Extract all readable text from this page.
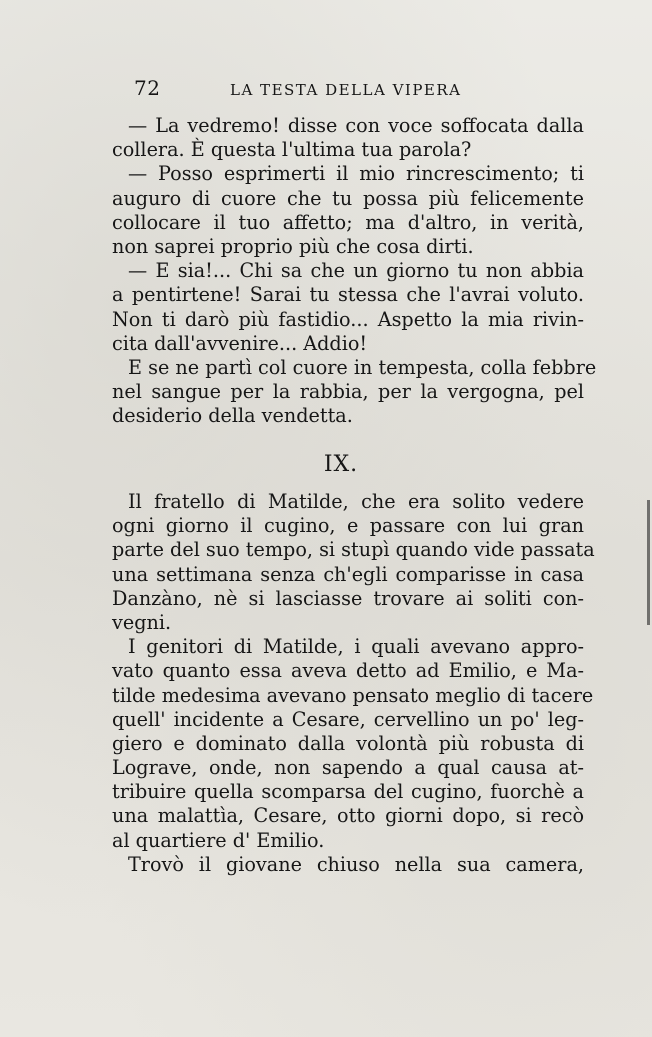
72	LA TESTA DELLA VIPERA
— La vedremo! disse con voce soffocata dalla
collera. È questa l'ultima tua parola?
— Posso esprimerti il mio rincrescimento; ti
auguro di cuore che tu possa più felicemente
collocare il tuo affetto; ma d'altro, in verità,
non saprei proprio più che cosa dirti.
— E sia!... Chi sa che un giorno tu non abbia
a pentirtene! Sarai tu stessa che l'avrai voluto.
Non ti darò più fastidio... Aspetto la mia rivin-
cita dall'avvenire... Addio!
E se ne partì col cuore in tempesta, colla febbre
nel sangue per la rabbia, per la vergogna, pel
desiderio della vendetta.
IX.
Il fratello di Matilde, che era solito vedere
ogni giorno il cugino, e passare con lui gran
parte del suo tempo, si stupì quando vide passata
una settimana senza ch'egli comparisse in casa
Danzàno, nè si lasciasse trovare ai soliti con-
vegni.
I genitori di Matilde, i quali avevano appro-
vato quanto essa aveva detto ad Emilio, e Ma-
tilde medesima avevano pensato meglio di tacere
quell' incidente a Cesare, cervellino un po' leg-
giero e dominato dalla volontà più robusta di
Lograve, onde, non sapendo a qual causa at-
tribuire quella scomparsa del cugino, fuorchè a
una malattìa, Cesare, otto giorni dopo, si recò
al quartiere d' Emilio.
Trovò il giovane chiuso nella sua camera,
